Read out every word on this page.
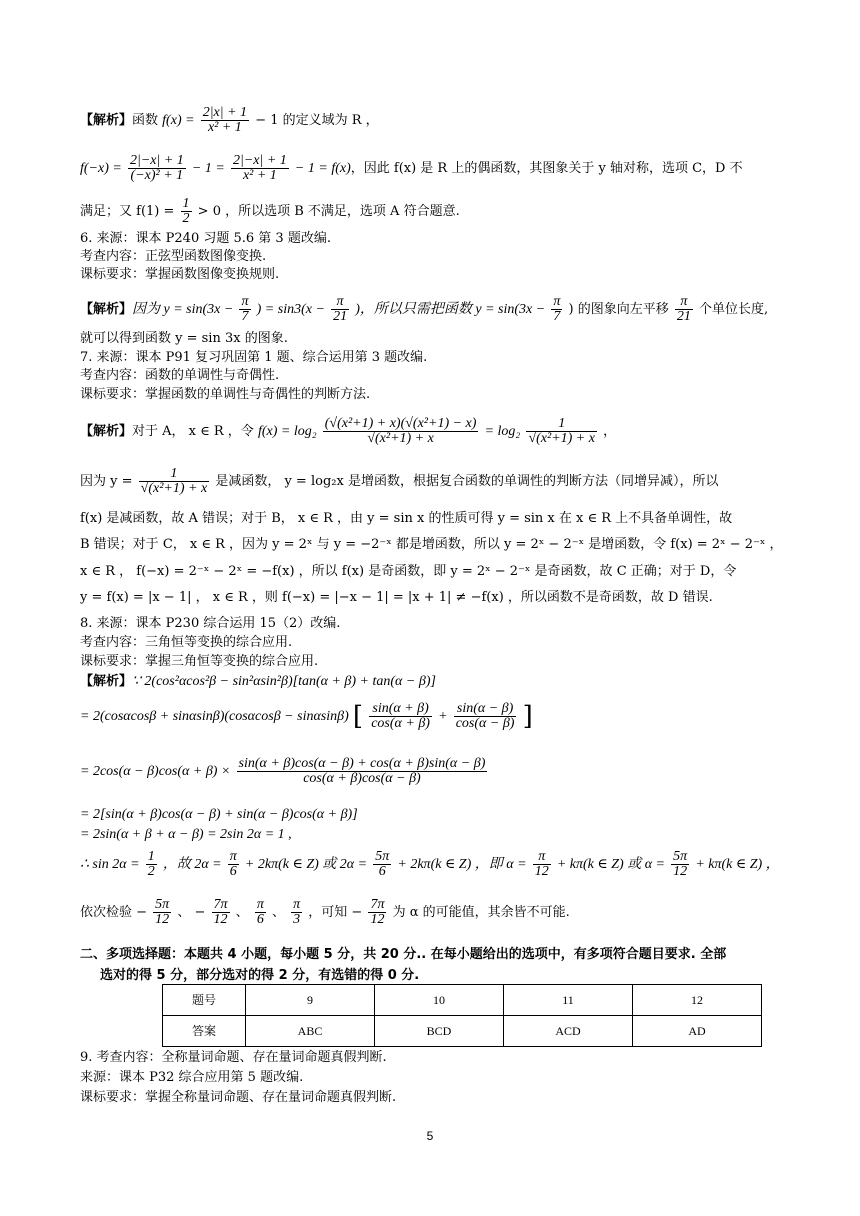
【解析】函数 $f(x) = \frac{2|x| + 1}{\text{x² + 1}} - 1$ 的定义域为 R ，
$f(-x) = \frac{2|-x| + 1}{\text{(−x)² + 1}} - 1 = \frac{2|-x| + 1}{\text{x² + 1}} - 1 = f(x)$，因此 f(x) 是 R 上的偶函数，其图象关于 y 轴对称，选项 C，D 不
满足；又 $f(1) = \frac{1}{2} > 0$ ，所以选项 B 不满足，选项 A 符合题意.
6. 来源：课本 P240 习题 5.6 第 3 题改编.
考查内容：正弦型函数图像变换.
课标要求：掌握函数图像变换规则.
【解析】因为 $y = \sin(3x - \frac{\pi}{7}$ ) = $\sin 3(x - \frac{\pi}{21}$ )，所以只需把函数 $y = \sin(3x - \frac{\pi}{7}$ ) 的图象向左平移 $\frac{\pi}{21}$ 个单位长度,
就可以得到函数 y = sin 3x 的图象.
7. 来源：课本 P91 复习巩固第 1 题、综合运用第 3 题改编.
考查内容：函数的单调性与奇偶性.
课标要求：掌握函数的单调性与奇偶性的判断方法.
【解析】对于 A， x ∈ R ，令 $f(x) = \log_2 \frac{\text{(√(x²+1) + x)(√(x²+1) − x)}}{\text{√(x²+1) + x}} = \log_2 \frac{1}{\text{√(x²+1) + x}}$ ，
因为 $y = \frac{1}{\text{√(x²+1) + x}}$ 是减函数， y = log₂x 是增函数，根据复合函数的单调性的判断方法（同增异减），所以
f(x) 是减函数，故 A 错误；对于 B， x ∈ R ，由 y = sin x 的性质可得 y = sin x 在 x ∈ R 上不具备单调性，故
B 错误；对于 C， x ∈ R ，因为 y = 2ˣ 与 y = −2⁻ˣ 都是增函数，所以 y = 2ˣ − 2⁻ˣ 是增函数，令 f(x) = 2ˣ − 2⁻ˣ ，
x ∈ R ， f(−x) = 2⁻ˣ − 2ˣ = −f(x) ，所以 f(x) 是奇函数，即 y = 2ˣ − 2⁻ˣ 是奇函数，故 C 正确；对于 D，令
y = f(x) = |x − 1| ， x ∈ R ，则 f(−x) = |−x − 1| = |x + 1| ≠ −f(x) ，所以函数不是奇函数，故 D 错误.
8. 来源：课本 P230 综合运用 15（2）改编.
考查内容：三角恒等变换的综合应用.
课标要求：掌握三角恒等变换的综合应用.
【解析】∵ 2(cos²αcos²β − sin²αsin²β)[tan(α + β) + tan(α − β)]
= 2(cosαcosβ + sinαsinβ)(cosαcosβ − sinαsinβ) [ $\frac{\sin(\alpha + \beta)}{\cos(\alpha + \beta)} + \frac{\sin(\alpha - \beta)}{\cos(\alpha - \beta)}$ ]
= $2\cos(\alpha - \beta)\cos(\alpha + \beta) \times \frac{\sin(\alpha + \beta)\cos(\alpha - \beta) + \cos(\alpha + \beta)\sin(\alpha - \beta)}{\cos(\alpha + \beta)\cos(\alpha - \beta)}$
= 2[sin(α + β)cos(α − β) + sin(α − β)cos(α + β)]
= 2sin(α + β + α − β) = 2sin 2α = 1 ,
∴ $\sin 2\alpha = \frac{1}{2}$ ，故 $2\alpha = \frac{\pi}{6} + 2k\pi(k$ ∈ Z) 或 $2\alpha = \frac{5\pi}{6} + 2k\pi(k$ ∈ Z) ，即 $\alpha = \frac{\pi}{12} + k\pi(k$ ∈ Z) 或 $\alpha = \frac{5\pi}{12} + k\pi(k$ ∈ Z) ，
依次检验 − $\frac{5\pi}{12}$ 、 − $\frac{7\pi}{12}$ 、 $\frac{\pi}{6}$ 、 $\frac{\pi}{3}$ ，可知 − $\frac{7\pi}{12}$ 为 α 的可能值，其余皆不可能.
二、多项选择题：本题共 4 小题，每小题 5 分，共 20 分.. 在每小题给出的选项中，有多项符合题目要求. 全部
选对的得 5 分，部分选对的得 2 分，有选错的得 0 分.
9. 考查内容：全称量词命题、存在量词命题真假判断.
来源：课本 P32 综合应用第 5 题改编.
课标要求：掌握全称量词命题、存在量词命题真假判断.
题号	9	10	11	12
答案	ABC	BCD	ACD	AD
5
